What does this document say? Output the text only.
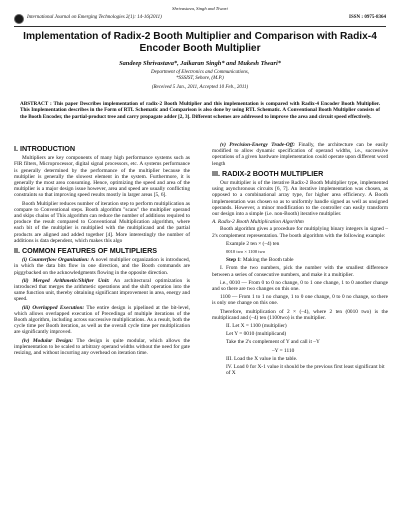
Shrivastava, Singh and Tiwari
International Journal on Emerging Technologies 2(1): 14-16(2011)	ISSN : 0975-8364
Implementation of Radix-2 Booth Multiplier and Comparison with Radix-4 Encoder Booth Multiplier
Sandeep Shrivastava*, Jaikaran Singh* and Mukesh Tiwari*
Department of Electronics and Communications,
*SSSIST, Sehore, (M.P.)
(Received 5 Jan., 2011, Accepted 10 Feb., 2011)
ABSTRACT : This paper Describes implementation of radix-2 Booth Multiplier and this implementation is compared with Radix-4 Encoder Booth Multiplier. This Implementation describes in the Form of RTL Schematic and Comparison is also done by using RTL Schematic. A Conventional Booth Multiplier consists of the Booth Encoder, the partial-product tree and carry propagate adder [2, 3]. Different schemes are addressed to improve the area and circuit speed effectively.
I. INTRODUCTION

Multipliers are key components of many high performance systems such as FIR filters, Microprocessor, digital signal processors, etc. A systems performance is generally determined by the performance of the multiplier because the multiplier is generally the slowest element in the system. Furthermore, it is generally the most area consuming. Hence, optimizing the speed and area of the multiplier is a major design issue however, area and speed are usually conflicting constraints so that improving speed results mostly in larger areas [5, 6].

Booth Multiplier reduces number of iteration step to perform multiplication as compare to Conventional steps. Booth algorithm "scans" the multiplier operand and skips chains of This algorithm can reduce the number of additions required to produce the result compared to Conventional Multiplication algorithm, where each bit of the multiplier is multiplied with the multiplicand and the partial products are aligned and added together [4]. More interestingly the number of additions is data dependent, which makes this algo

II. COMMON FEATURES OF MULTIPLIERS

(i) Counterflow Organization: A novel multiplier organization is introduced, in which the data bits flow in one direction, and the Booth commands are piggybacked on the acknowledgments flowing in the opposite direction.

(ii) Merged Arithmetic/Shifter Unit: An architectural optimization is introduced that merges the arithmetic operations and the shift operation into the same function unit, thereby obtaining significant improvement in area, energy and speed.

(iii) Overlapped Execution: The entire design is pipelined at the bit-level, which allows overlapped execution of Precedinga of multiple iterations of the Booth algorithm, including across successive multiplications. As a result, both the cycle time per Booth iteration, as well as the overall cycle time per multiplication are significantly improved.

(iv) Modular Design: The design is quite modular, which allows the implementation to be scaled to arbitrary operand widths without the need for gate resizing, and without incurring any overhead on iteration time.

(v) Precision-Energy Trade-Off: Finally, the architecture can be easily modified to allow dynamic specification of operand widths, i.e., successive operations of a given hardware implementation could operate upon different word length

III. RADIX-2 BOOTH MULTIPLIER

Our multiplier is of the iterative Radix-2 Booth Multiplier type, implemented using asynchronous circuits [6, 7]. An iterative implementation was chosen, as opposed to a combinational array type, for higher area efficiency. A Booth implementation was chosen so as to uniformly handle signed as well as unsigned operands. However, a minor modification to the controller can easily transform our design into a simple (i.e. non-Booth) iterative multiplier.

A. Radix-2 Booth Multiplication Algorithm

Booth algorithm gives a procedure for multiplying binary integers in signed –2's complement representation. The booth algorithm with the following example:

Example 2 ten × (–4) ten
0010 two × 1100 two
Step 1: Making the Booth table

I. From the two numbers, pick the number with the smallest difference between a series of consecutive numbers, and make it a multiplier.

i.e., 0010 — From 0 to 0 no change, 0 to 1 one change, 1 to 0 another change and so there are two changes on this one.

1100 — From 1 to 1 no change, 1 to 0 one change, 0 to 0 no change, so there is only one change on this one.

Therefore, multiplication of 2 × (–4), where 2 ten (0010 two) is the multiplicand and (–4) ten (1100two) is the multiplier.

II. Let X = 1100 (multiplier)
Let Y = 0010 (multiplicand)
Take the 2's complement of Y and call it –Y
–Y = 1110
III. Load the X value in the table.
IV. Load 0 for X-1 value it should be the previous first least significant bit of X
